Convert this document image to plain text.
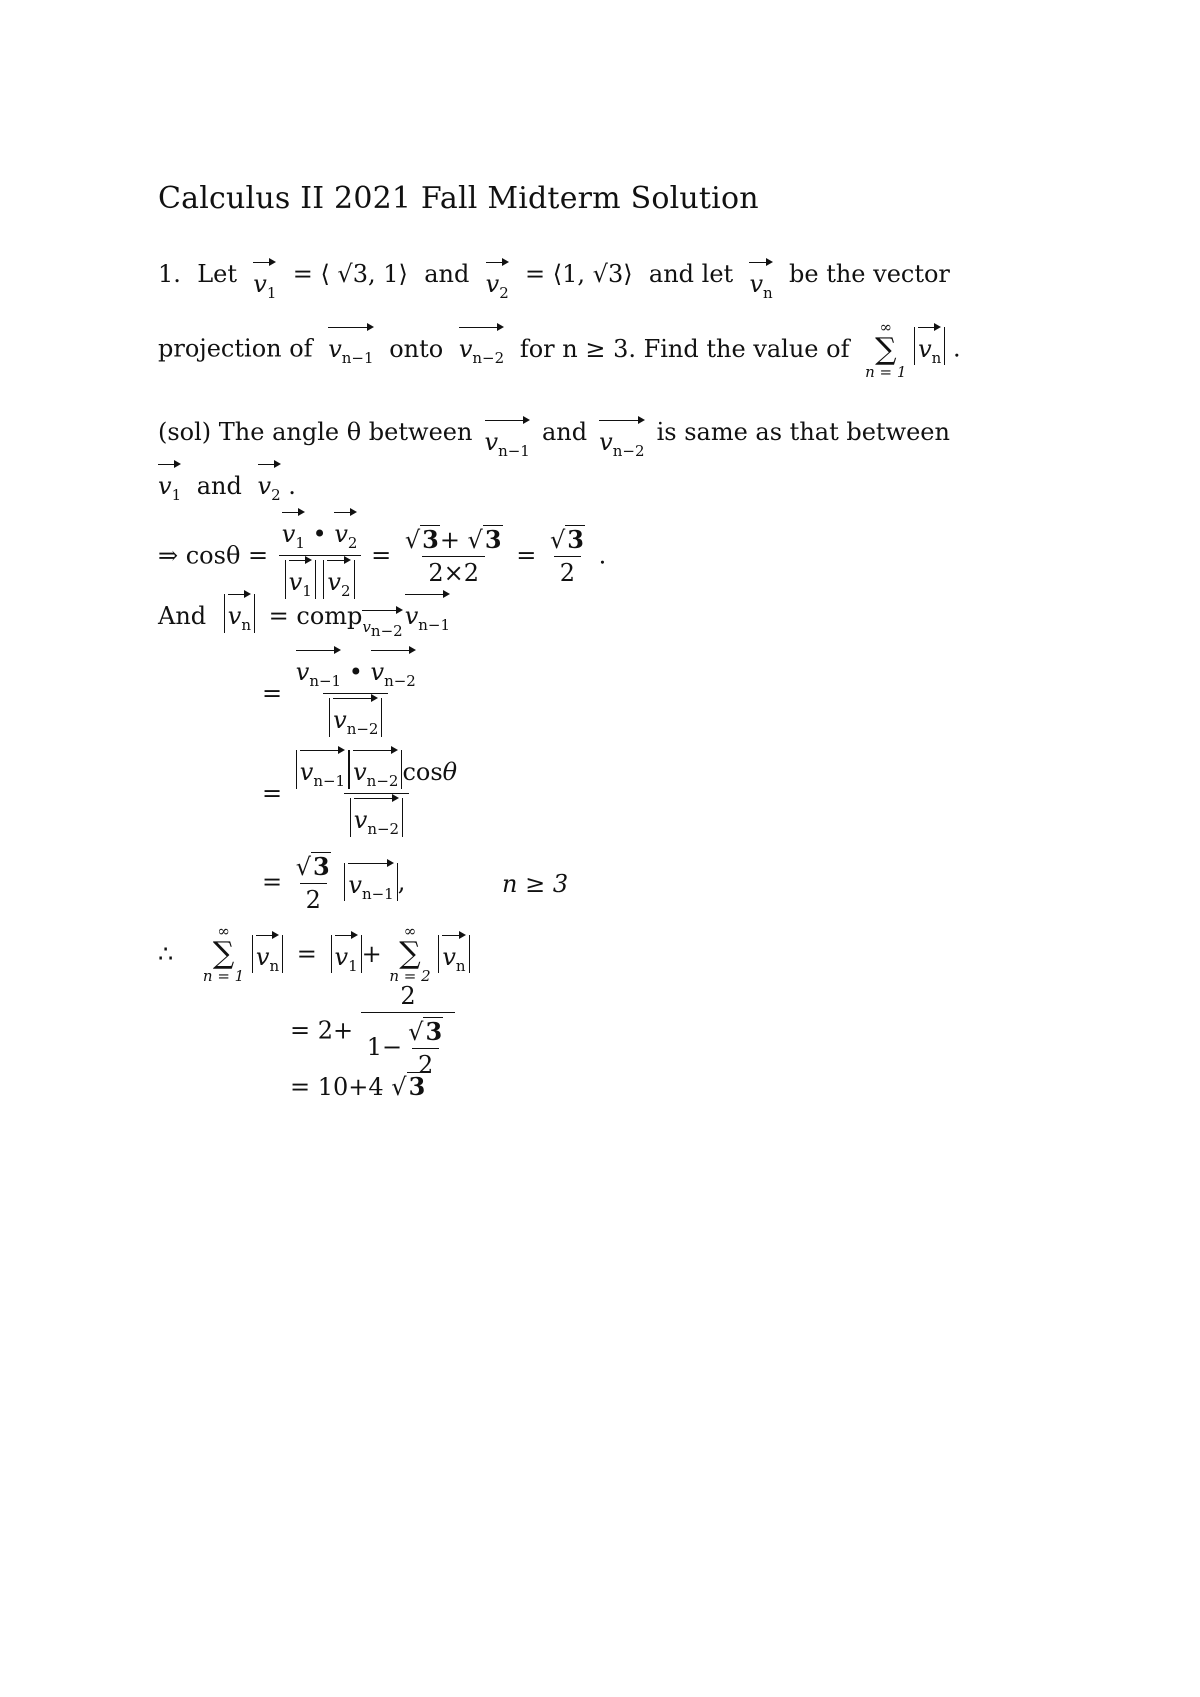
Calculus II 2021 Fall Midterm Solution
1. Let $v_1$
= ⟨ √3, 1⟩ and $v_2$
= ⟨1, √3⟩ and let $v_n$
be the vector
projection of $v_{n-1}$ onto $v_{n-2}$ for n ≥ 3. Find the value of
∞
∑
n = 1
$v_n$ .
(sol) The angle θ between $v_{n-1}$
and $v_{n-2}$
is same as that between
$v_1$ and $v_2$ .
⇒ $\cos\theta = \frac{v_1 • v_2}{v_1 v_2} = \frac{√3+ √3}{2\times 2} = \frac{√3}{2}$ .
And $v_n$ = $comp_{v_{n-2}}v_{n-1}$
= $\frac{v_{n-1} • v_{n-2}}{v_{n-2}}$
= $\frac{v_{n-1} v_{n-2} \cos\theta}{v_{n-2}}$
= $\frac{√3}{2} v_{n-1}$ ,	n ≥ 3
∴
∞
∑
n = 1
$v_n = v_1$ +
∞
∑
n = 2
$v_n$
= $2+ \frac{2}{1- \frac{√3}{2}}$
= 10+4 √3
